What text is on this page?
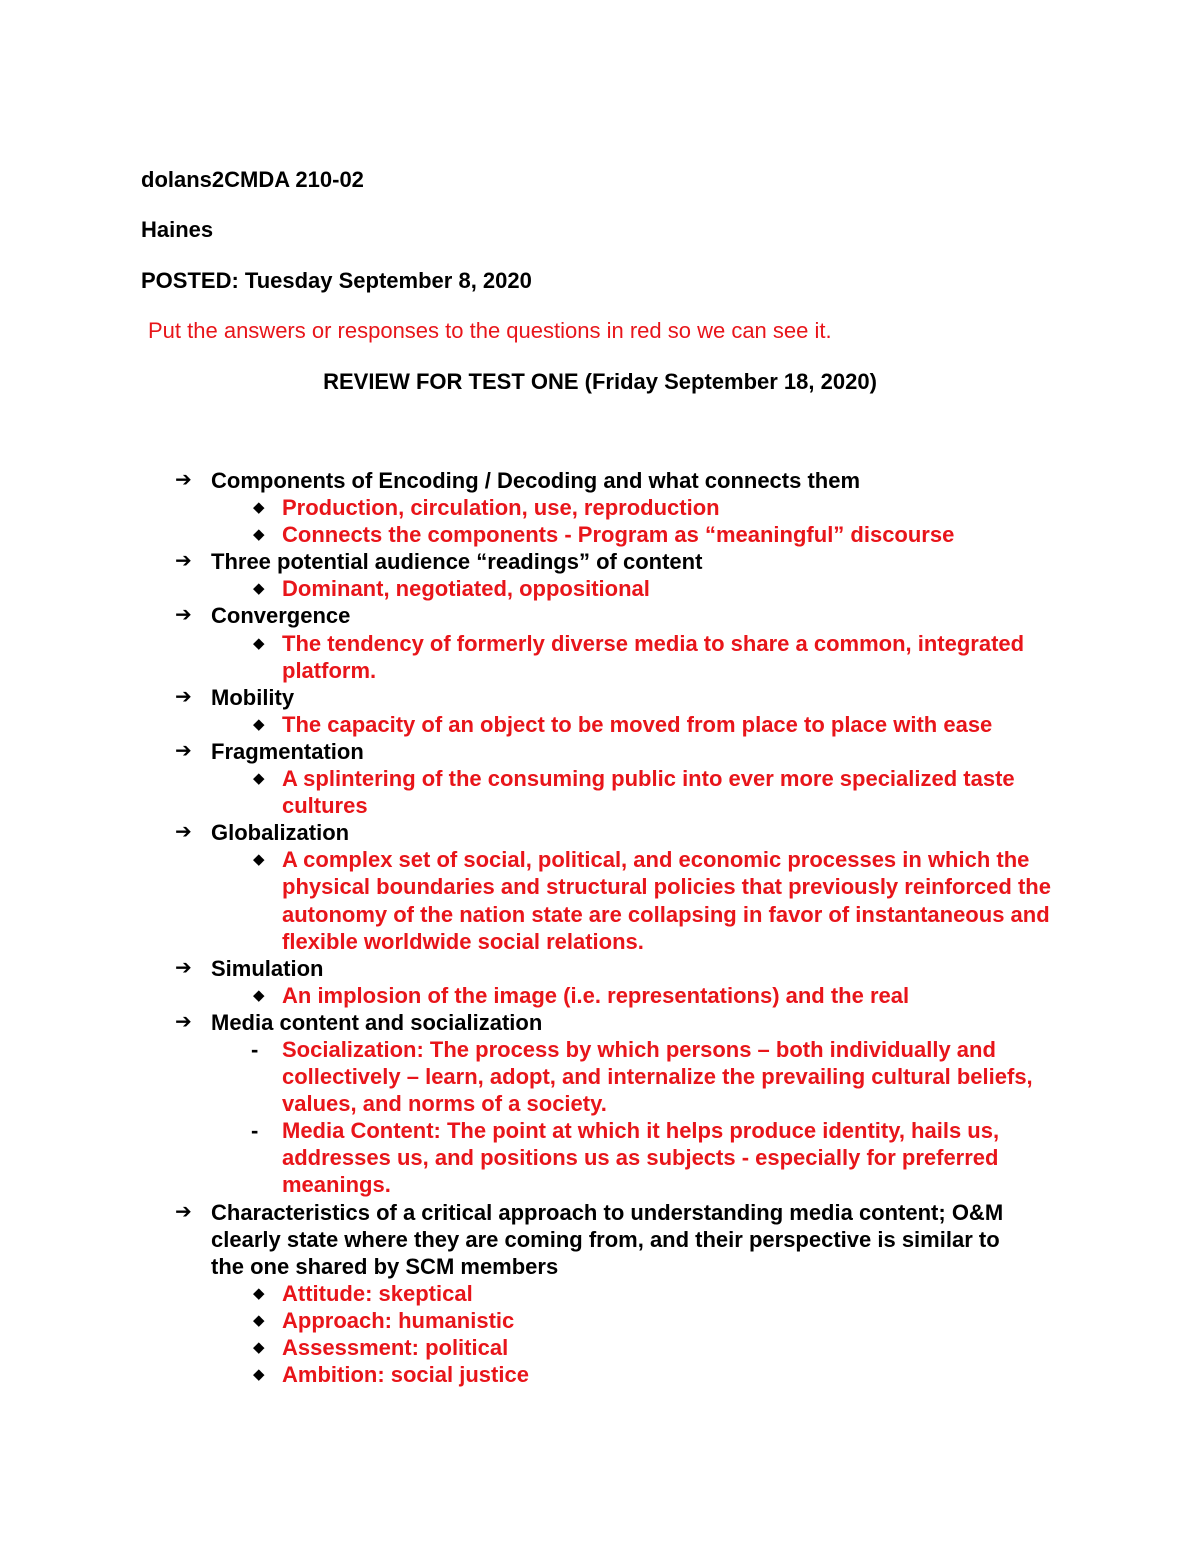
dolans2CMDA 210-02
Haines
POSTED: Tuesday September 8, 2020
Put the answers or responses to the questions in red so we can see it.
REVIEW FOR TEST ONE (Friday September 18, 2020)
➔ Components of Encoding / Decoding and what connects them
◆ Production, circulation, use, reproduction
◆ Connects the components - Program as “meaningful” discourse
➔ Three potential audience “readings” of content
◆ Dominant, negotiated, oppositional
➔ Convergence
◆ The tendency of formerly diverse media to share a common, integrated platform.
➔ Mobility
◆ The capacity of an object to be moved from place to place with ease
➔ Fragmentation
◆ A splintering of the consuming public into ever more specialized taste cultures
➔ Globalization
◆ A complex set of social, political, and economic processes in which the physical boundaries and structural policies that previously reinforced the autonomy of the nation state are collapsing in favor of instantaneous and flexible worldwide social relations.
➔ Simulation
◆ An implosion of the image (i.e. representations) and the real
➔ Media content and socialization
- Socialization: The process by which persons – both individually and collectively – learn, adopt, and internalize the prevailing cultural beliefs, values, and norms of a society.
- Media Content: The point at which it helps produce identity, hails us, addresses us, and positions us as subjects - especially for preferred meanings.
➔ Characteristics of a critical approach to understanding media content; O&M clearly state where they are coming from, and their perspective is similar to the one shared by SCM members
◆ Attitude: skeptical
◆ Approach: humanistic
◆ Assessment: political
◆ Ambition: social justice
